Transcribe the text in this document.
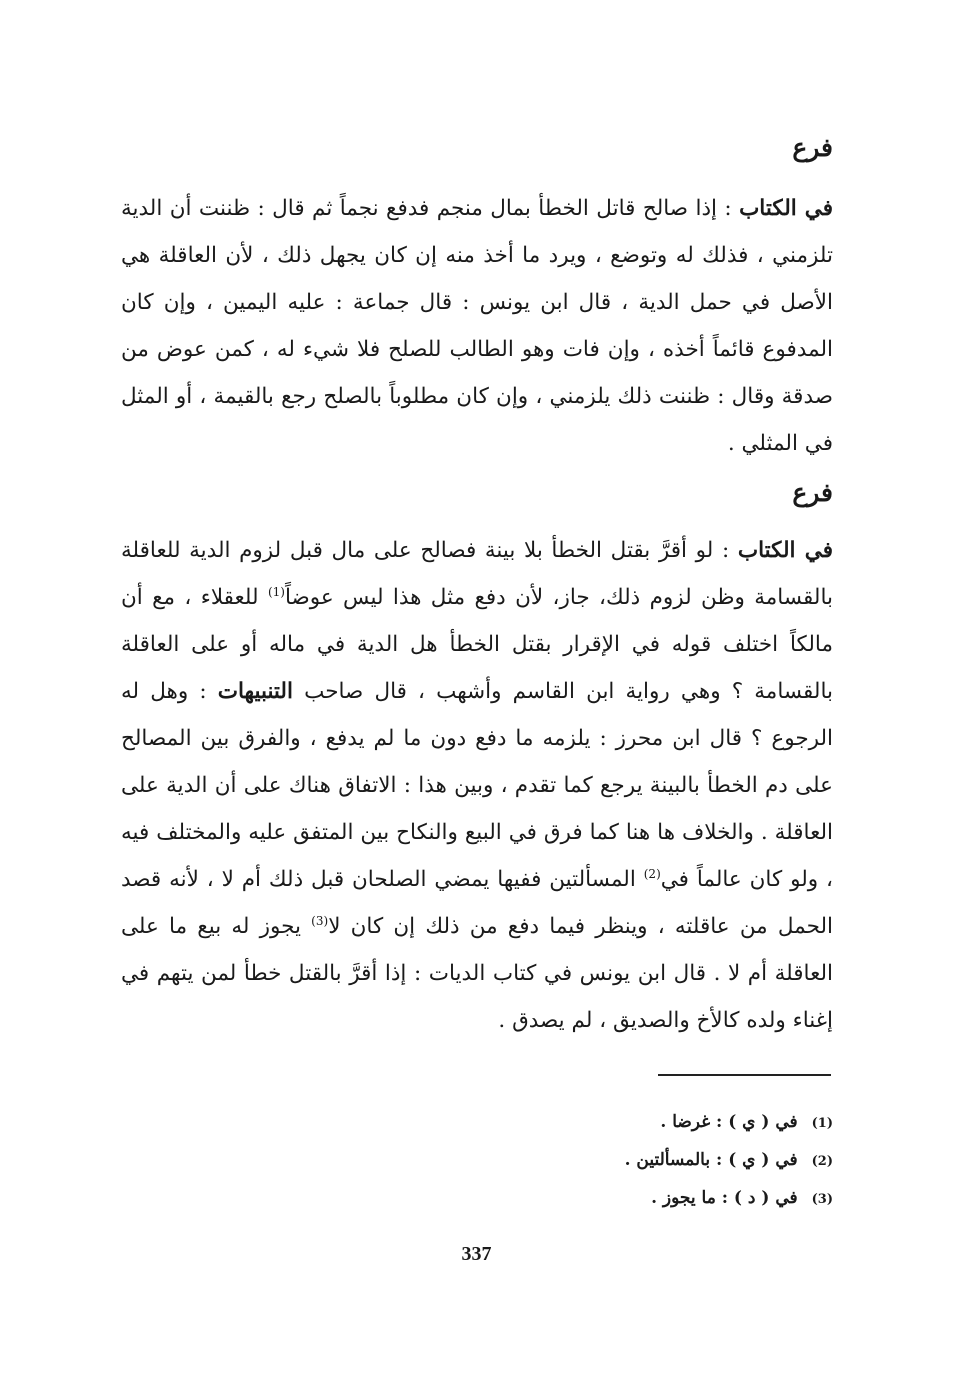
فرع

في الكتاب : إذا صالح قاتل الخطأ بمال منجم فدفع نجماً ثم قال : ظننت أن الدية تلزمني ، فذلك له وتوضع ، ويرد ما أخذ منه إن كان يجهل ذلك ، لأن العاقلة هي الأصل في حمل الدية ، قال ابن يونس : قال جماعة : عليه اليمين ، وإن كان المدفوع قائماً أخذه ، وإن فات وهو الطالب للصلح فلا شيء له ، كمن عوض من صدقة وقال : ظننت ذلك يلزمني ، وإن كان مطلوباً بالصلح رجع بالقيمة ، أو المثل في المثلي .

فرع

في الكتاب : لو أقرَّ بقتل الخطأ بلا بينة فصالح على مال قبل لزوم الدية للعاقلة بالقسامة وظن لزوم ذلك، جاز، لأن دفع مثل هذا ليس عوضاً$^{(1)}$ للعقلاء ، مع أن مالكاً اختلف قوله في الإقرار بقتل الخطأ هل الدية في ماله أو على العاقلة بالقسامة ؟ وهي رواية ابن القاسم وأشهب ، قال صاحب التنبيهات : وهل له الرجوع ؟ قال ابن محرز : يلزمه ما دفع دون ما لم يدفع ، والفرق بين المصالح على دم الخطأ بالبينة يرجع كما تقدم ، وبين هذا : الاتفاق هناك على أن الدية على العاقلة . والخلاف ها هنا كما فرق في البيع والنكاح بين المتفق عليه والمختلف فيه ، ولو كان عالماً في$^{(2)}$ المسألتين ففيها يمضي الصلحان قبل ذلك أم لا ، لأنه قصد الحمل من عاقلته ، وينظر فيما دفع من ذلك إن كان لا$^{(3)}$ يجوز له بيع ما على العاقلة أم لا . قال ابن يونس في كتاب الديات : إذا أقرَّ بالقتل خطأ لمن يتهم في إغناء ولده كالأخ والصديق ، لم يصدق .

(1)في ( ي ) : غرضا .
(2)في ( ي ) : بالمسألتين .
(3)في ( د ) : ما يجوز .
337
